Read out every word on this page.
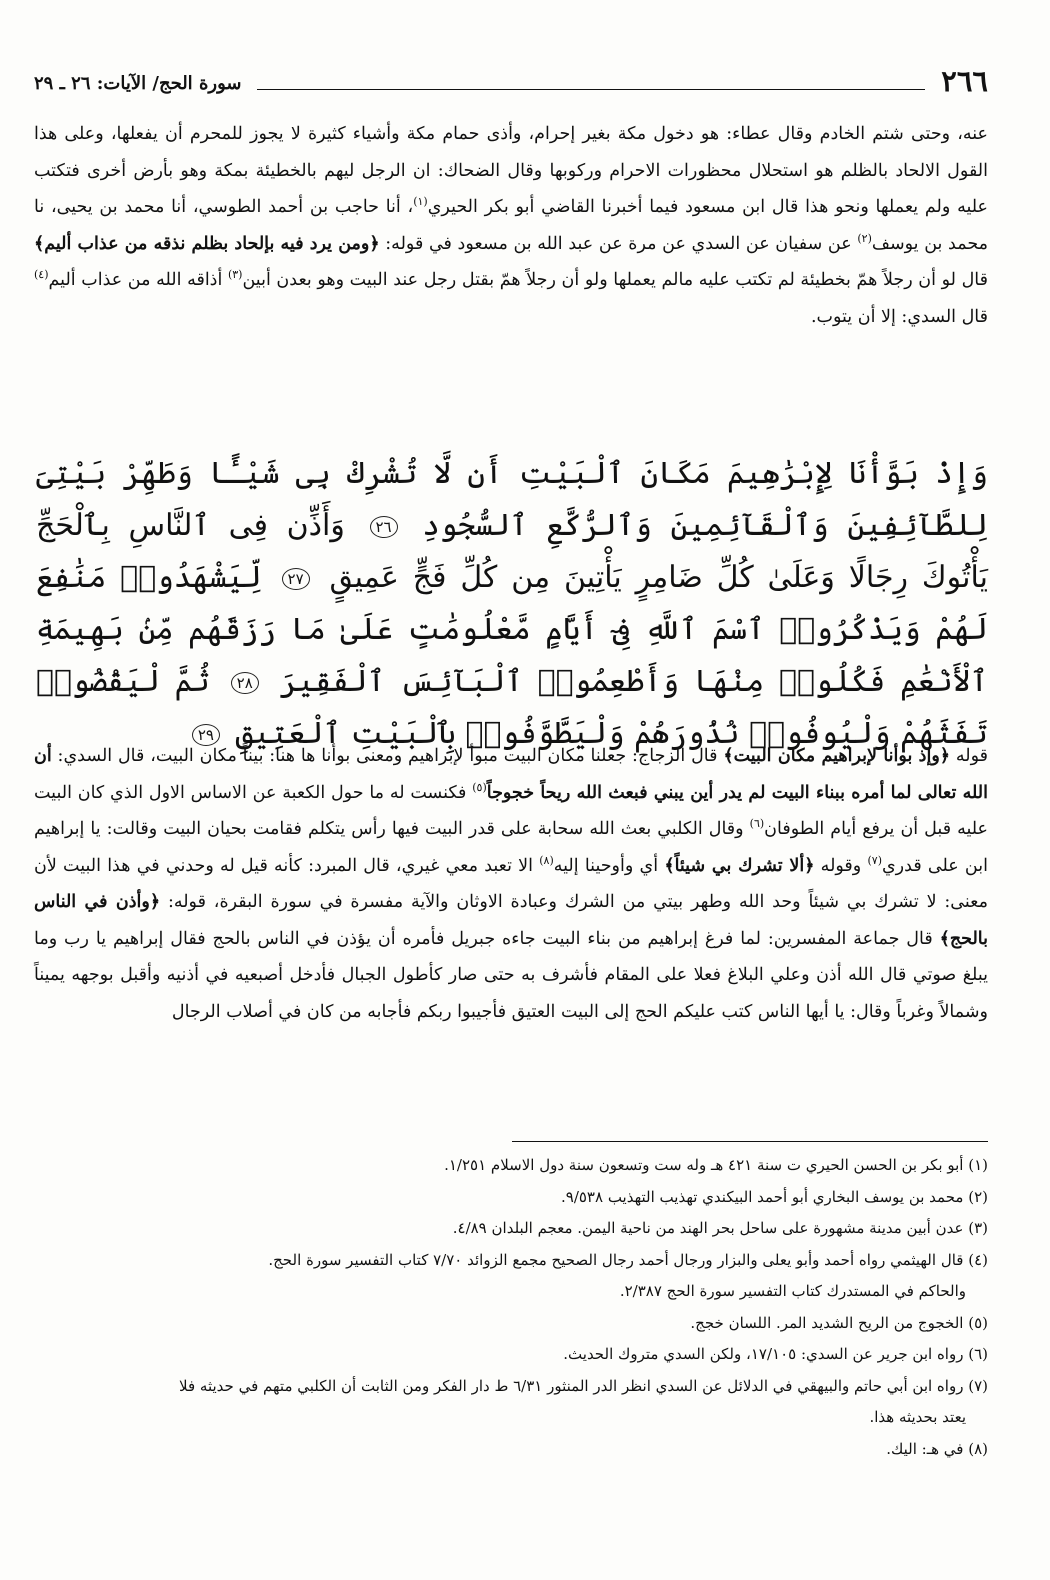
٢٦٦
سورة الحج/ الآيات: ٢٦ ـ ٢٩
عنه، وحتى شتم الخادم وقال عطاء: هو دخول مكة بغير إحرام، وأذى حمام مكة وأشياء كثيرة لا يجوز للمحرم أن يفعلها، وعلى هذا القول الالحاد بالظلم هو استحلال محظورات الاحرام وركوبها وقال الضحاك: ان الرجل ليهم بالخطيئة بمكة وهو بأرض أخرى فتكتب عليه ولم يعملها ونحو هذا قال ابن مسعود فيما أخبرنا القاضي أبو بكر الحيري$^{(١)}$، أنا حاجب بن أحمد الطوسي، أنا محمد بن يحيى، نا محمد بن يوسف$^{(٢)}$ عن سفيان عن السدي عن مرة عن عبد الله بن مسعود في قوله: ﴿ومن يرد فيه بإلحاد بظلم نذقه من عذاب أليم﴾ قال لو أن رجلاً همّ بخطيئة لم تكتب عليه مالم يعملها ولو أن رجلاً همّ بقتل رجل عند البيت وهو بعدن أبين$^{(٣)}$ أذاقه الله من عذاب أليم$^{(٤)}$ قال السدي: إلا أن يتوب.
وَإِذْ بَوَّأْنَا لِإِبْرَٰهِيمَ مَكَانَ ٱلْبَيْتِ أَن لَّا تُشْرِكْ بِى شَيْـًٔا وَطَهِّرْ بَيْتِىَ لِلطَّآئِفِينَ وَٱلْقَآئِمِينَ وَٱلرُّكَّعِ ٱلسُّجُودِ ٢٦ وَأَذِّن فِى ٱلنَّاسِ بِٱلْحَجِّ يَأْتُوكَ رِجَالًا وَعَلَىٰ كُلِّ ضَامِرٍ يَأْتِينَ مِن كُلِّ فَجٍّ عَمِيقٍ ٢٧ لِّيَشْهَدُوا۟ مَنَٰفِعَ لَهُمْ وَيَذْكُرُوا۟ ٱسْمَ ٱللَّهِ فِىٓ أَيَّامٍ مَّعْلُومَٰتٍ عَلَىٰ مَا رَزَقَهُم مِّنۢ بَهِيمَةِ ٱلْأَنْعَٰمِ فَكُلُوا۟ مِنْهَا وَأَطْعِمُوا۟ ٱلْبَآئِسَ ٱلْفَقِيرَ ٢٨ ثُمَّ لْيَقْضُوا۟ تَفَثَهُمْ وَلْيُوفُوا۟ نُذُورَهُمْ وَلْيَطَّوَّفُوا۟ بِٱلْبَيْتِ ٱلْعَتِيقِ ٢٩
قوله ﴿وإذ بوأنا لإبراهيم مكان البيت﴾ قال الزجاج: جعلنا مكان البيت مبوأ لإبراهيم ومعنى بوأنا ها هنا: بيناً مكان البيت، قال السدي: أن الله تعالى لما أمره ببناء البيت لم يدر أين يبني فبعث الله ريحاً خجوجاً$^{(٥)}$ فكنست له ما حول الكعبة عن الاساس الاول الذي كان البيت عليه قبل أن يرفع أيام الطوفان$^{(٦)}$ وقال الكلبي بعث الله سحابة على قدر البيت فيها رأس يتكلم فقامت بحيان البيت وقالت: يا إبراهيم ابن على قدري$^{(٧)}$ وقوله ﴿ألا تشرك بي شيئاً﴾ أي وأوحينا إليه$^{(٨)}$ الا تعبد معي غيري، قال المبرد: كأنه قيل له وحدني في هذا البيت لأن معنى: لا تشرك بي شيئاً وحد الله وطهر بيتي من الشرك وعبادة الاوثان والآية مفسرة في سورة البقرة، قوله: ﴿وأذن في الناس بالحج﴾ قال جماعة المفسرين: لما فرغ إبراهيم من بناء البيت جاءه جبريل فأمره أن يؤذن في الناس بالحج فقال إبراهيم يا رب وما يبلغ صوتي قال الله أذن وعلي البلاغ فعلا على المقام فأشرف به حتى صار كأطول الجبال فأدخل أصبعيه في أذنيه وأقبل بوجهه يميناً وشمالاً وغرباً وقال: يا أيها الناس كتب عليكم الحج إلى البيت العتيق فأجيبوا ربكم فأجابه من كان في أصلاب الرجال

(١) أبو بكر بن الحسن الحيري ت سنة ٤٢١ هـ وله ست وتسعون سنة دول الاسلام ١/٢٥١.

(٢) محمد بن يوسف البخاري أبو أحمد البيكندي تهذيب التهذيب ٩/٥٣٨.

(٣) عدن أبين مدينة مشهورة على ساحل بحر الهند من ناحية اليمن. معجم البلدان ٤/٨٩.

(٤) قال الهيثمي رواه أحمد وأبو يعلى والبزار ورجال أحمد رجال الصحيح مجمع الزوائد ٧/٧٠ كتاب التفسير سورة الحج.

والحاكم في المستدرك كتاب التفسير سورة الحج ٢/٣٨٧.

(٥) الخجوج من الريح الشديد المر. اللسان خجج.

(٦) رواه ابن جرير عن السدي: ١٧/١٠٥، ولكن السدي متروك الحديث.

(٧) رواه ابن أبي حاتم والبيهقي في الدلائل عن السدي انظر الدر المنثور ٦/٣١ ط دار الفكر ومن الثابت أن الكلبي متهم في حديثه فلا

يعتد بحديثه هذا.

(٨) في هـ: اليك.
